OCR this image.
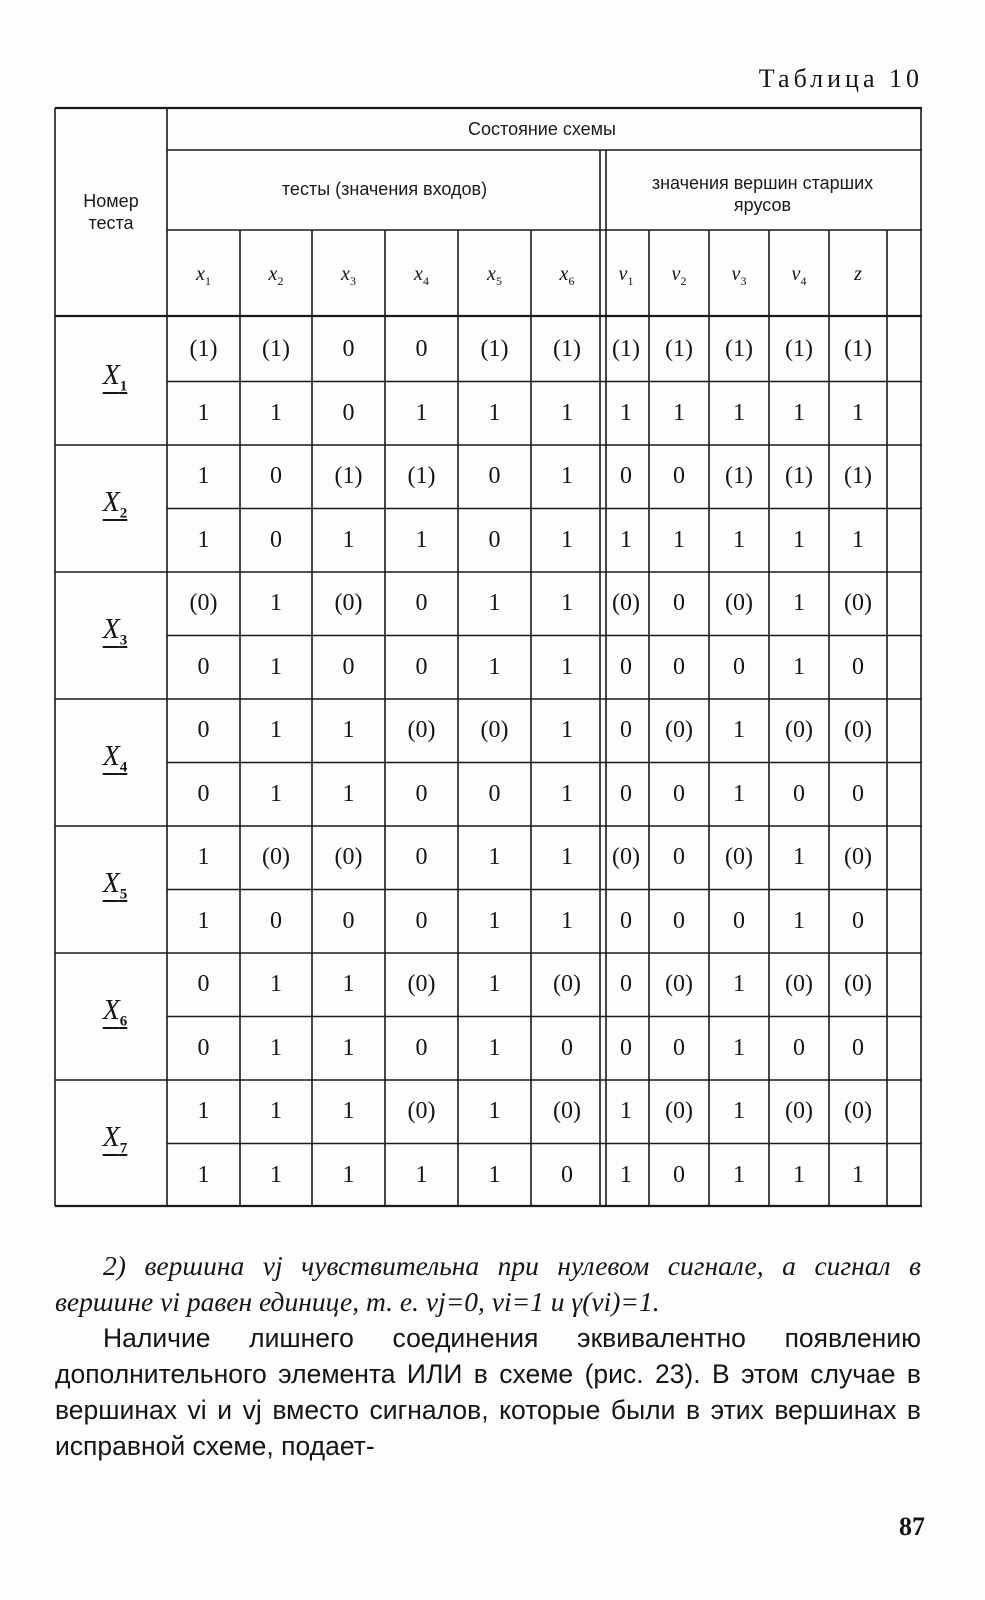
Таблица 10
Номер теста
Состояние схемы
тесты (значения входов)	значения вершин старших ярусов
$x_1$	$x_2$	$x_3$	$x_4$	$x_5$	$x_6$	$v_1$	$v_2$	$v_3$	$v_4$	z
$X_1$
(1)	(1)	0	0	(1)	(1)	(1)	(1)	(1)	(1)	(1)
1	1	0	1	1	1	1	1	1	1	1
$X_2$
1	0	(1)	(1)	0	1	0	0	(1)	(1)	(1)
1	0	1	1	0	1	1	1	1	1	1
$X_3$
(0)	1	(0)	0	1	1	(0)	0	(0)	1	(0)
0	1	0	0	1	1	0	0	0	1	0
$X_4$
0	1	1	(0)	(0)	1	0	(0)	1	(0)	(0)
0	1	1	0	0	1	0	0	1	0	0
$X_5$
1	(0)	(0)	0	1	1	(0)	0	(0)	1	(0)
1	0	0	0	1	1	0	0	0	1	0
$X_6$
0	1	1	(0)	1	(0)	0	(0)	1	(0)	(0)
0	1	1	0	1	0	0	0	1	0	0
$X_7$
1	1	1	(0)	1	(0)	1	(0)	1	(0)	(0)
1	1	1	1	1	0	1	0	1	1	1

2) вершина vj чувствительна при нулевом сигнале, а сигнал в вершине vi равен единице, т. е. vj=0, vi=1 и γ(vi)=1.

Наличие лишнего соединения эквивалентно появлению дополнительного элемента ИЛИ в схеме (рис. 23). В этом случае в вершинах vi и vj вместо сигналов, которые были в этих вершинах в исправной схеме, подает-

87
